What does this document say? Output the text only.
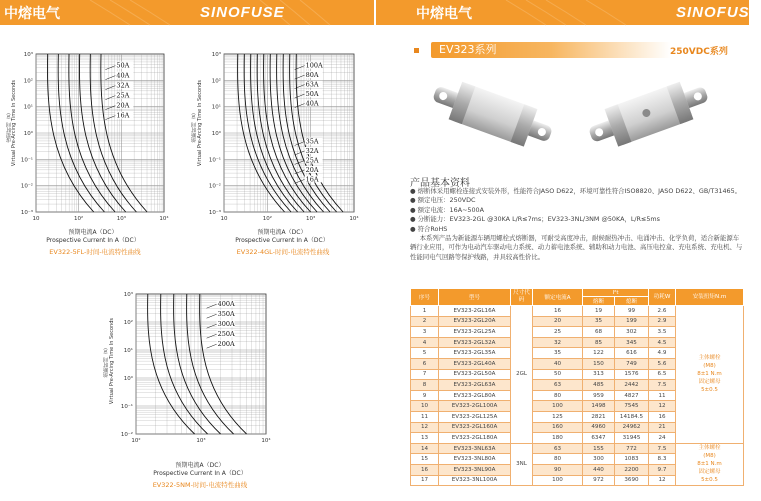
中熔电气	SINOFUSE	中熔电气	SINOFUSE
10	10²	10³	10⁴
10³
10²
10¹
10⁰
10⁻¹
10⁻²
10⁻³
50A
40A
32A
25A
20A
16A
Virtual Pre-Arcing Time In Seconds
虚拟时间（s）
预期电流A（DC）
Prospective Current In A（DC）
EV322-5FL-时间-电流特性曲线
10	10²	10³	10⁴
10³
10²
10¹
10⁰
10⁻¹
10⁻²
10⁻³
100A
80A
63A
50A
40A
35A
32A
25A
20A
16A
Virtual Pre-Arcing Time In Seconds
熔断时间（s）
预期电流A（DC）
Prospective Current In A（DC）
EV322-4GL-时间-电流特性曲线
10²	10³	10⁴
10³
10²
10¹
10⁰
10⁻¹
10⁻²
400A
350A
300A
250A
200A
Virtual Pre-Arcing Time In Seconds
熔断时间（s）
预期电流A（DC）
Prospective Current In A（DC）
EV322-5NM-时间-电流特性曲线
EV323系列	250VDC系列
产品基本资料

● 熔断体采用螺栓连接式安装外形，性能符合JASO D622，环境可靠性符合ISO8820、JASO D622、GB/T31465。

● 额定电压：250VDC

● 额定电流：16A~500A

● 分断能力：EV323-2GL @30KA L/R≤7ms；EV323-3NL/3NM @50KA，L/R≤5ms

● 符合RoHS

本系列产品为新能源车辆用螺栓式熔断器，可耐受高度冲击，耐候耐热冲击、电涌冲击、化学负荷，适合新能源车辆行业应用，可作为电动汽车驱动电力系统、动力蓄电池系统、辅助和动力电池、高压电控盒、充电系统、充电机、与性能同电气回路等保护线路，并具较高性价比。

序号	型号	尺寸代码	额定电流A	I²t		功耗W	安装扭矩N.m
				熔断	熄断		
1	EV323-2GL16A	2GL	16	19	99	2.6	主体螺栓
(M8)
8±1 N.m
固定螺母
5±0.5
2	EV323-2GL20A		20	35	199	2.9	
3	EV323-2GL25A		25	68	302	3.5	
4	EV323-2GL32A		32	85	345	4.5	
5	EV323-2GL35A		35	122	616	4.9	
6	EV323-2GL40A		40	150	749	5.6	
7	EV323-2GL50A		50	313	1576	6.5	
8	EV323-2GL63A		63	485	2442	7.5	
9	EV323-2GL80A		80	959	4827	11	
10	EV323-2GL100A		100	1498	7545	12	
11	EV323-2GL125A		125	2821	14184.5	16	
12	EV323-2GL160A		160	4960	24962	21	
13	EV323-2GL180A		180	6347	31945	24	
14	EV323-3NL63A	3NL	63	155	772	7.5	主体螺栓
(M8)
8±1 N.m
固定螺母
5±0.5
15	EV323-3NL80A		80	300	1083	8.3	
16	EV323-3NL90A		90	440	2200	9.7	
17	EV323-3NL100A		100	972	3690	12	
